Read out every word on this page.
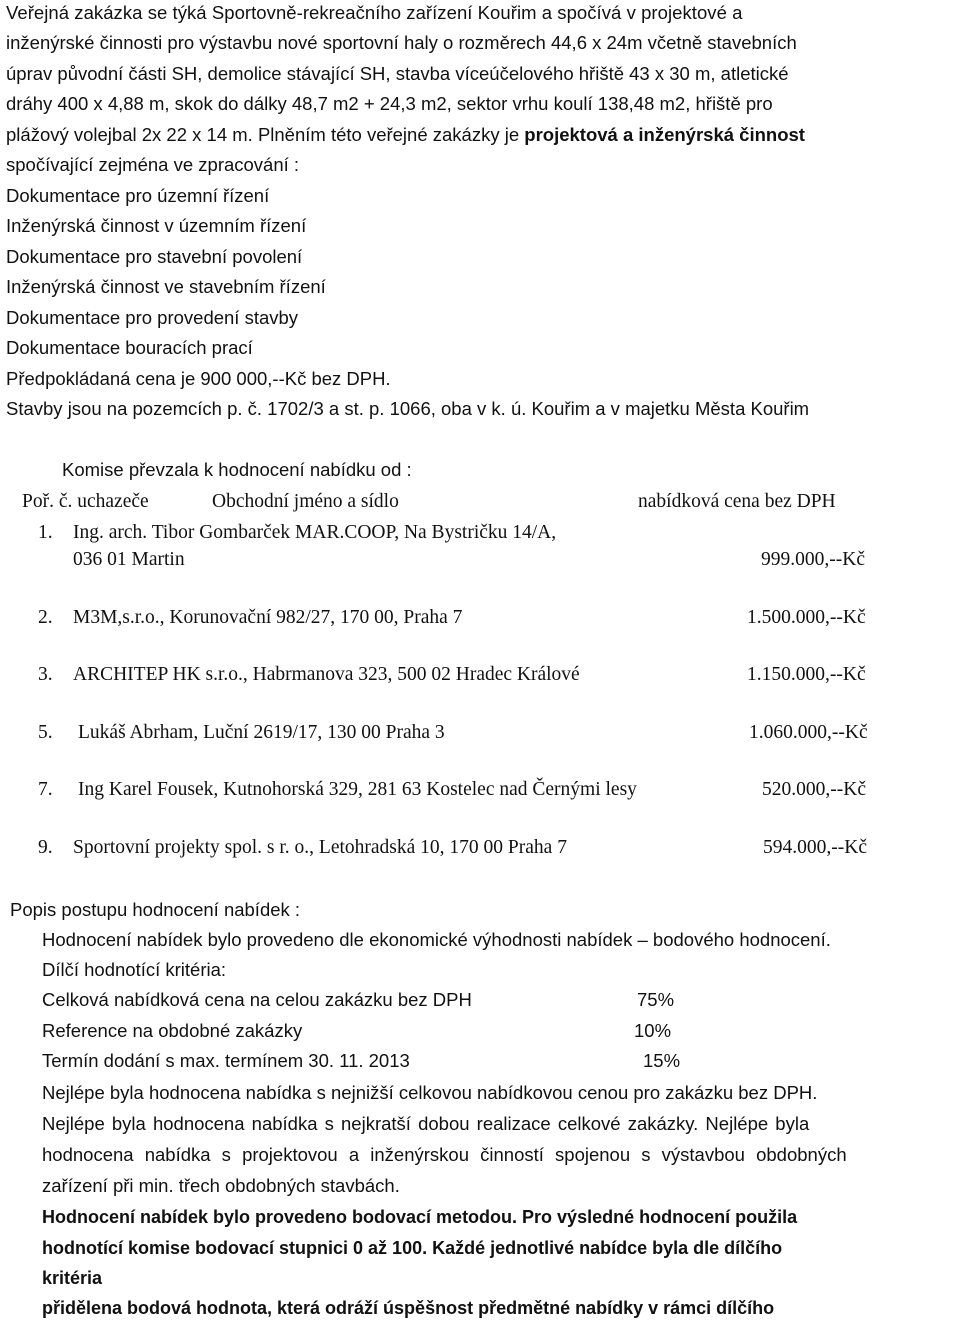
Veřejná zakázka se týká Sportovně-rekreačního zařízení Kouřim a spočívá v projektové a
inženýrské činnosti pro výstavbu nové sportovní haly o rozměrech 44,6 x 24m včetně stavebních
úprav původní části SH, demolice stávající SH, stavba víceúčelového hřiště 43 x 30 m, atletické
dráhy 400 x 4,88 m, skok do dálky 48,7 m2 + 24,3 m2, sektor vrhu koulí 138,48 m2, hřiště pro
plážový volejbal 2x 22 x 14 m. Plněním této veřejné zakázky je projektová a inženýrská činnost
spočívající zejména ve zpracování :
Dokumentace pro územní řízení
Inženýrská činnost v územním řízení
Dokumentace pro stavební povolení
Inženýrská činnost ve stavebním řízení
Dokumentace pro provedení stavby
Dokumentace bouracích prací
Předpokládaná cena je 900 000,--Kč bez DPH.
Stavby jsou na pozemcích p. č. 1702/3 a st. p. 1066, oba v k. ú. Kouřim a v majetku Města Kouřim
Komise převzala k hodnocení nabídku od :
Poř. č. uchazeče	Obchodní jméno a sídlo	nabídková cena bez DPH
1. Ing. arch. Tibor Gombarček MAR.COOP, Na Bystričku 14/A,
036 01 Martin	999.000,--Kč
2. M3M,s.r.o., Korunovační 982/27, 170 00, Praha 7	1.500.000,--Kč
3. ARCHITEP HK s.r.o., Habrmanova 323, 500 02 Hradec Králové	1.150.000,--Kč
5. Lukáš Abrham, Luční 2619/17, 130 00 Praha 3	1.060.000,--Kč
7. Ing Karel Fousek, Kutnohorská 329, 281 63 Kostelec nad Černými lesy	520.000,--Kč
9. Sportovní projekty spol. s r. o., Letohradská 10, 170 00 Praha 7	594.000,--Kč
Popis postupu hodnocení nabídek :
Hodnocení nabídek bylo provedeno dle ekonomické výhodnosti nabídek – bodového hodnocení.
Dílčí hodnotící kritéria:
Celková nabídková cena na celou zakázku bez DPH	75%
Reference na obdobné zakázky	10%
Termín dodání s max. termínem 30. 11. 2013	15%
Nejlépe byla hodnocena nabídka s nejnižší celkovou nabídkovou cenou pro zakázku bez DPH.
Nejlépe byla hodnocena nabídka s nejkratší dobou realizace celkové zakázky. Nejlépe byla
hodnocena nabídka s projektovou a inženýrskou činností spojenou s výstavbou obdobných
zařízení při min. třech obdobných stavbách.
Hodnocení nabídek bylo provedeno bodovací metodou. Pro výsledné hodnocení použila
hodnotící komise bodovací stupnici 0 až 100. Každé jednotlivé nabídce byla dle dílčího
kritéria
přidělena bodová hodnota, která odráží úspěšnost předmětné nabídky v rámci dílčího
